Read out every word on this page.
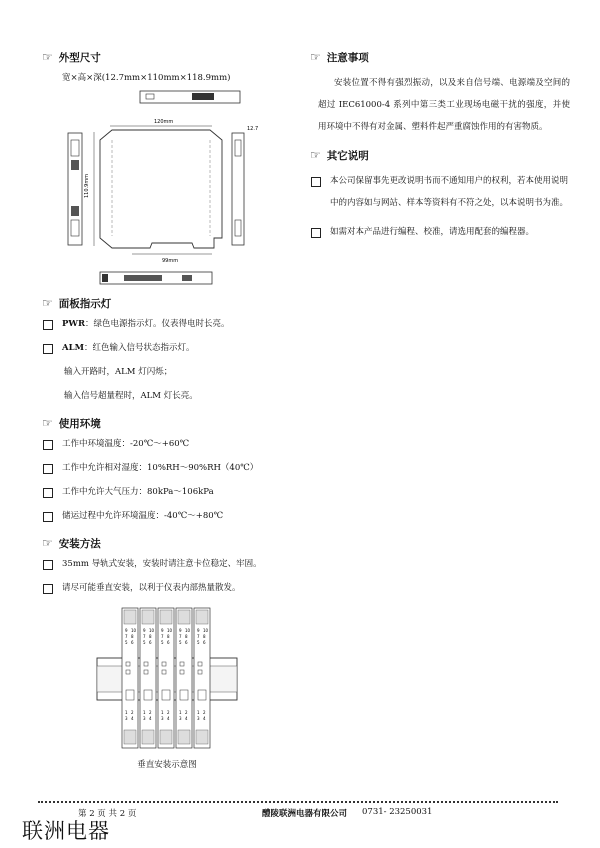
☞ 外型尺寸
宽×高×深(12.7mm×110mm×118.9mm)
120mm
110.9mm
99mm
12.7
☞ 面板指示灯
PWR：绿色电源指示灯。仪表得电时长亮。
ALM：红色输入信号状态指示灯。
输入开路时，ALM 灯闪烁；
输入信号超量程时，ALM 灯长亮。
☞ 使用环境
工作中环境温度：-20℃～+60℃
工作中允许相对湿度：10%RH～90%RH（40℃）
工作中允许大气压力：80kPa～106kPa
储运过程中允许环境温度：-40℃～+80℃
☞ 安装方法
35mm 导轨式安装，安装时请注意卡位稳定、牢固。
请尽可能垂直安装，以利于仪表内部热量散发。
9 10
7 8
5 6
1 2
3 4
9 10
7 8
5 6
1 2
3 4
9 10
7 8
5 6
1 2
3 4
9 10
7 8
5 6
1 2
3 4
9 10
7 8
5 6
1 2
3 4
垂直安装示意图
☞ 注意事项
安装位置不得有强烈振动，以及来自信号端、电源端及空间的超过 IEC61000-4 系列中第三类工业现场电磁干扰的强度，并使用环境中不得有对金属、塑料件起严重腐蚀作用的有害物质。
☞ 其它说明
本公司保留事先更改说明书而不通知用户的权利，若本使用说明中的内容如与网站、样本等资料有不符之处，以本说明书为准。
如需对本产品进行编程、校准，请选用配套的编程器。
第 2 页 共 2 页	醴陵联洲电器有限公司 0731- 23250031
联洲电器
